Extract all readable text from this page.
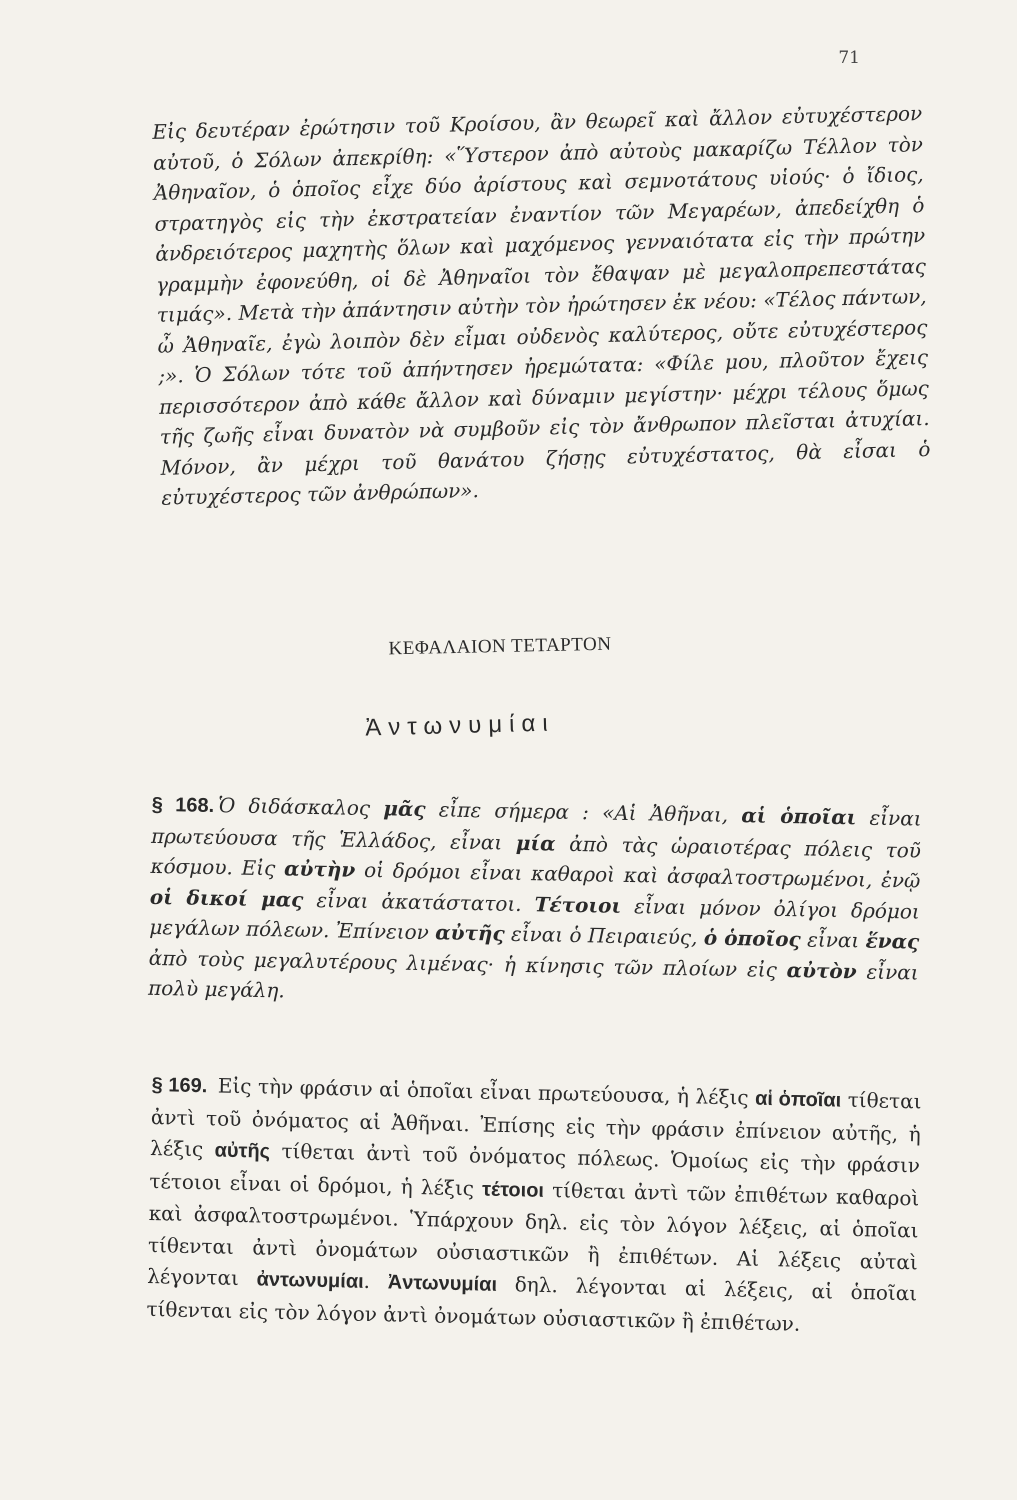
71
Εἰς δευτέραν ἐρώτησιν τοῦ Κροίσου, ἂν θεωρεῖ καὶ ἄλλον εὐτυχέστερον αὐτοῦ, ὁ Σόλων ἀπεκρίθη: «Ὕστερον ἀπὸ αὐτοὺς μακαρίζω Τέλλον τὸν Ἀθηναῖον, ὁ ὁποῖος εἶχε δύο ἀρίστους καὶ σεμνοτάτους υἱούς· ὁ ἴδιος, στρατηγὸς εἰς τὴν ἐκστρατείαν ἐναντίον τῶν Μεγαρέων, ἀπεδείχθη ὁ ἀνδρειότερος μαχητὴς ὅλων καὶ μαχόμενος γενναιότατα εἰς τὴν πρώτην γραμμὴν ἐφονεύθη, οἱ δὲ Ἀθηναῖοι τὸν ἔθαψαν μὲ μεγαλοπρεπεστάτας τιμάς». Μετὰ τὴν ἀπάντησιν αὐτὴν τὸν ἠρώτησεν ἐκ νέου: «Τέλος πάντων, ὦ Ἀθηναῖε, ἐγὼ λοιπὸν δὲν εἶμαι οὐδενὸς καλύτερος, οὔτε εὐτυχέστερος ;». Ὁ Σόλων τότε τοῦ ἀπήντησεν ἠρεμώτατα: «Φίλε μου, πλοῦτον ἔχεις περισσότερον ἀπὸ κάθε ἄλλον καὶ δύναμιν μεγίστην· μέχρι τέλους ὅμως τῆς ζωῆς εἶναι δυνατὸν νὰ συμβοῦν εἰς τὸν ἄνθρωπον πλεῖσται ἀτυχίαι. Μόνον, ἂν μέχρι τοῦ θανάτου ζήσῃς εὐτυχέστατος, θὰ εἶσαι ὁ εὐτυχέστερος τῶν ἀνθρώπων».
ΚΕΦΑΛΑΙΟΝ ΤΕΤΑΡΤΟΝ
Ἀντωνυμίαι
§ 168. Ὁ διδάσκαλος μᾶς εἶπε σήμερα : «Αἱ Ἀθῆναι, αἱ ὁποῖαι εἶναι πρωτεύουσα τῆς Ἑλλάδος, εἶναι μία ἀπὸ τὰς ὡραιοτέρας πόλεις τοῦ κόσμου. Εἰς αὐτὴν οἱ δρόμοι εἶναι καθαροὶ καὶ ἀσφαλτοστρωμένοι, ἐνῷ οἱ δικοί μας εἶναι ἀκατάστατοι. Τέτοιοι εἶναι μόνον ὀλίγοι δρόμοι μεγάλων πόλεων. Ἐπίνειον αὐτῆς εἶναι ὁ Πειραιεύς, ὁ ὁποῖος εἶναι ἕνας ἀπὸ τοὺς μεγαλυτέρους λιμένας· ἡ κίνησις τῶν πλοίων εἰς αὐτὸν εἶναι πολὺ μεγάλη.
§ 169. Εἰς τὴν φράσιν αἱ ὁποῖαι εἶναι πρωτεύουσα, ἡ λέξις αἱ ὁποῖαι τίθεται ἀντὶ τοῦ ὀνόματος αἱ Ἀθῆναι. Ἐπίσης εἰς τὴν φράσιν ἐπίνειον αὐτῆς, ἡ λέξις αὐτῆς τίθεται ἀντὶ τοῦ ὀνόματος πόλεως. Ὁμοίως εἰς τὴν φράσιν τέτοιοι εἶναι οἱ δρόμοι, ἡ λέξις τέτοιοι τίθεται ἀντὶ τῶν ἐπιθέτων καθαροὶ καὶ ἀσφαλτοστρωμένοι. Ὑπάρχουν δηλ. εἰς τὸν λόγον λέξεις, αἱ ὁποῖαι τίθενται ἀντὶ ὀνομάτων οὐσιαστικῶν ἢ ἐπιθέτων. Αἱ λέξεις αὐταὶ λέγονται ἀντωνυμίαι. Ἀντωνυμίαι δηλ. λέγονται αἱ λέξεις, αἱ ὁποῖαι τίθενται εἰς τὸν λόγον ἀντὶ ὀνομάτων οὐσιαστικῶν ἢ ἐπιθέτων.
